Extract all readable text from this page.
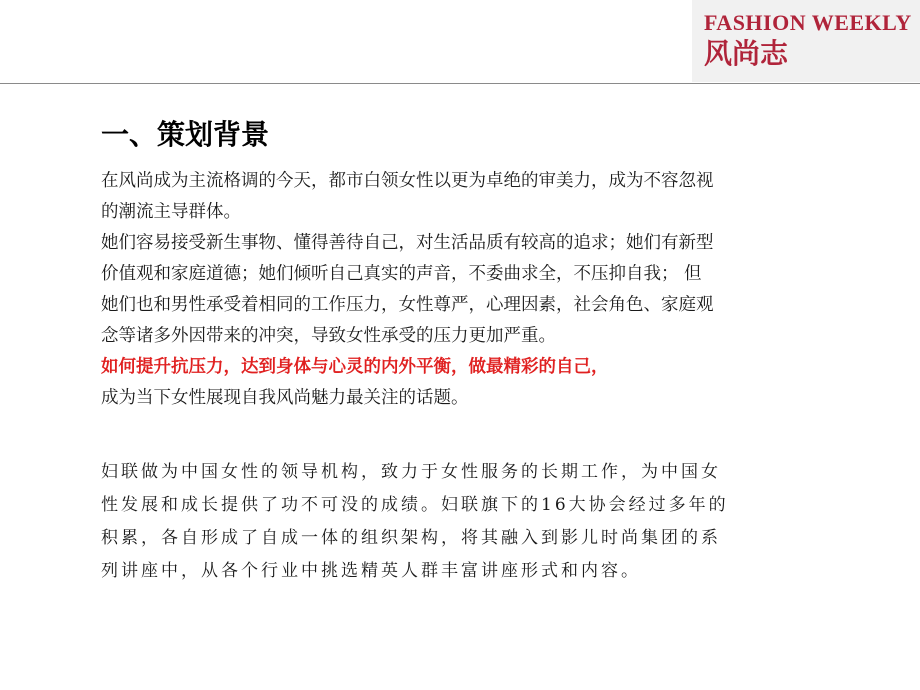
FASHION WEEKLY
风尚志
一、策划背景

在风尚成为主流格调的今天，都市白领女性以更为卓绝的审美力，成为不容忽视

的潮流主导群体。

她们容易接受新生事物、懂得善待自己，对生活品质有较高的追求；她们有新型

价值观和家庭道德；她们倾听自己真实的声音，不委曲求全，不压抑自我； 但

她们也和男性承受着相同的工作压力，女性尊严，心理因素，社会角色、家庭观

念等诸多外因带来的冲突，导致女性承受的压力更加严重。

如何提升抗压力，达到身体与心灵的内外平衡，做最精彩的自己，

成为当下女性展现自我风尚魅力最关注的话题。

妇联做为中国女性的领导机构，致力于女性服务的长期工作，为中国女

性发展和成长提供了功不可没的成绩。妇联旗下的16大协会经过多年的

积累，各自形成了自成一体的组织架构，将其融入到影儿时尚集团的系

列讲座中，从各个行业中挑选精英人群丰富讲座形式和内容。
